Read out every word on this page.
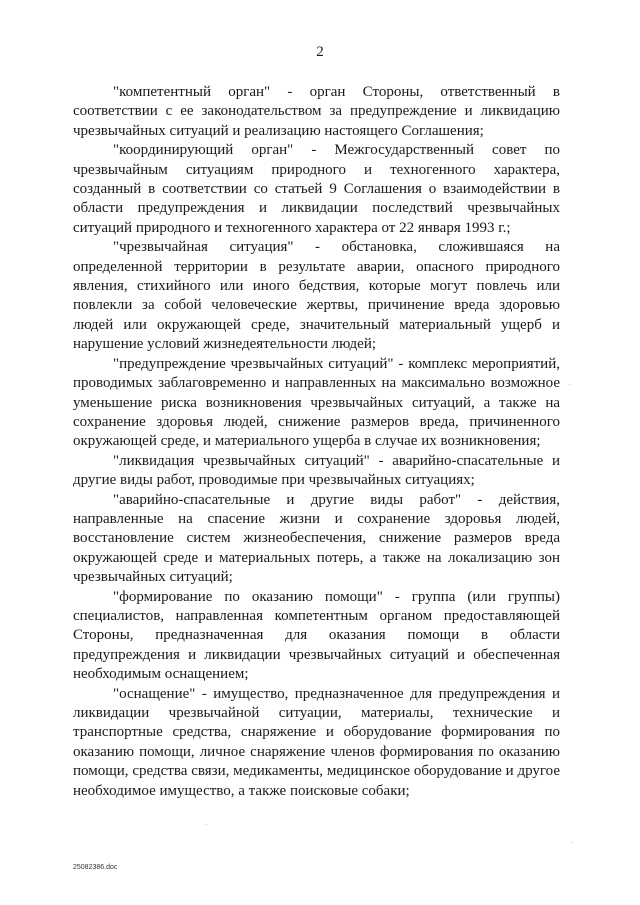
2

"компетентный орган" - орган Стороны, ответственный в соответствии с ее законодательством за предупреждение и ликвидацию чрезвычайных ситуаций и реализацию настоящего Соглашения;

"координирующий орган" - Межгосударственный совет по чрезвычайным ситуациям природного и техногенного характера, созданный в соответствии со статьей 9 Соглашения о взаимодействии в области предупреждения и ликвидации последствий чрезвычайных ситуаций природного и техногенного характера от 22 января 1993 г.;

"чрезвычайная ситуация" - обстановка, сложившаяся на определенной территории в результате аварии, опасного природного явления, стихийного или иного бедствия, которые могут повлечь или повлекли за собой человеческие жертвы, причинение вреда здоровью людей или окружающей среде, значительный материальный ущерб и нарушение условий жизнедеятельности людей;

"предупреждение чрезвычайных ситуаций" - комплекс мероприятий, проводимых заблаговременно и направленных на максимально возможное уменьшение риска возникновения чрезвычайных ситуаций, а также на сохранение здоровья людей, снижение размеров вреда, причиненного окружающей среде, и материального ущерба в случае их возникновения;

"ликвидация чрезвычайных ситуаций" - аварийно-спасательные и другие виды работ, проводимые при чрезвычайных ситуациях;

"аварийно-спасательные и другие виды работ" - действия, направленные на спасение жизни и сохранение здоровья людей, восстановление систем жизнеобеспечения, снижение размеров вреда окружающей среде и материальных потерь, а также на локализацию зон чрезвычайных ситуаций;

"формирование по оказанию помощи" - группа (или группы) специалистов, направленная компетентным органом предоставляющей Стороны, предназначенная для оказания помощи в области предупреждения и ликвидации чрезвычайных ситуаций и обеспеченная необходимым оснащением;

"оснащение" - имущество, предназначенное для предупреждения и ликвидации чрезвычайной ситуации, материалы, технические и транспортные средства, снаряжение и оборудование формирования по оказанию помощи, личное снаряжение членов формирования по оказанию помощи, средства связи, медикаменты, медицинское оборудование и другое необходимое имущество, а также поисковые собаки;

25082386.doc
